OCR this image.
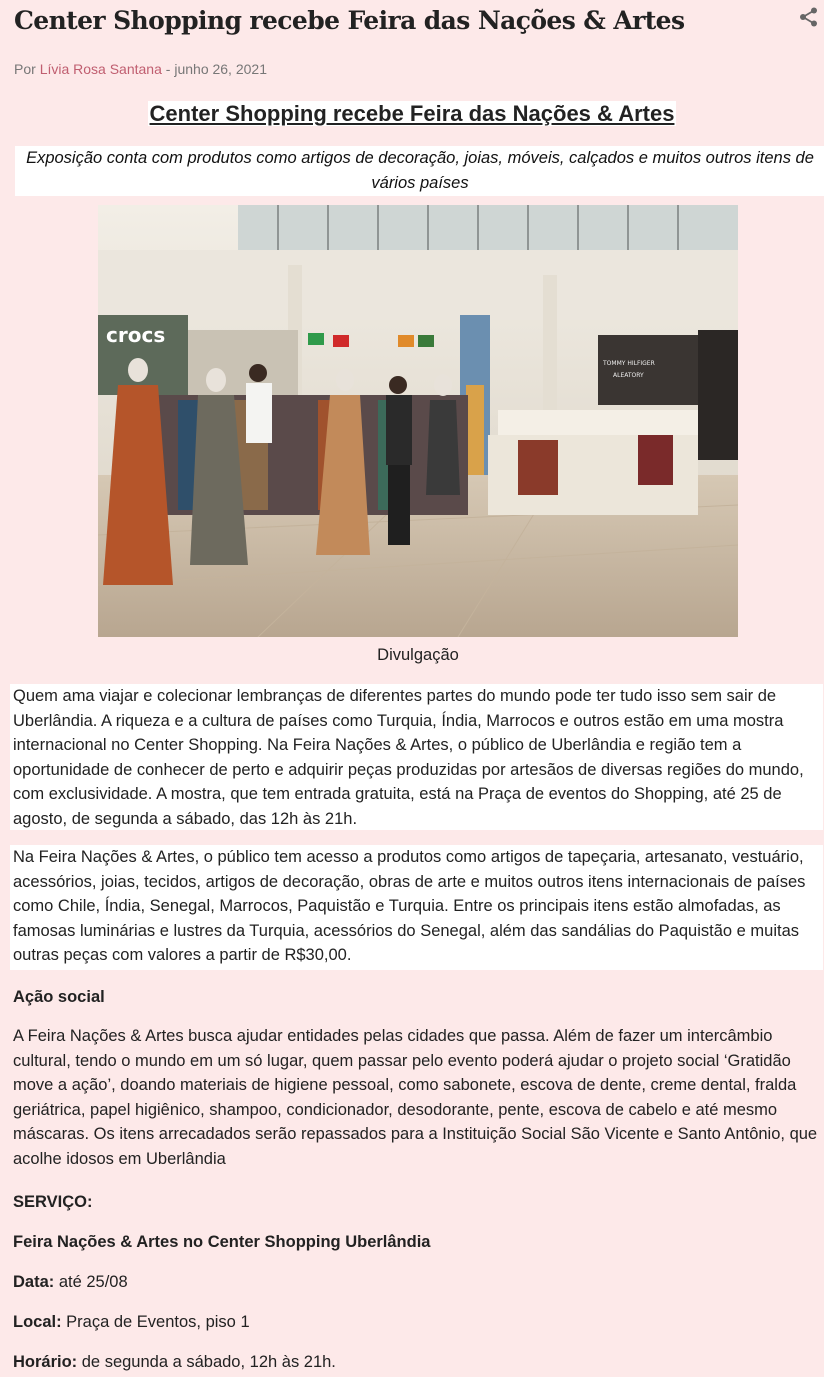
Center Shopping recebe Feira das Nações & Artes
Por Lívia Rosa Santana - junho 26, 2021
Center Shopping recebe Feira das Nações & Artes
Exposição conta com produtos como artigos de decoração, joias, móveis, calçados e muitos outros itens de vários países
crocs
TOMMY HILFIGER
ALEATORY
Divulgação

Quem ama viajar e colecionar lembranças de diferentes partes do mundo pode ter tudo isso sem sair de Uberlândia. A riqueza e a cultura de países como Turquia, Índia, Marrocos e outros estão em uma mostra internacional no Center Shopping. Na Feira Nações & Artes, o público de Uberlândia e região tem a oportunidade de conhecer de perto e adquirir peças produzidas por artesãos de diversas regiões do mundo, com exclusividade. A mostra, que tem entrada gratuita, está na Praça de eventos do Shopping, até 25 de agosto, de segunda a sábado, das 12h às 21h.

Na Feira Nações & Artes, o público tem acesso a produtos como artigos de tapeçaria, artesanato, vestuário, acessórios, joias, tecidos, artigos de decoração, obras de arte e muitos outros itens internacionais de países como Chile, Índia, Senegal, Marrocos, Paquistão e Turquia. Entre os principais itens estão almofadas, as famosas luminárias e lustres da Turquia, acessórios do Senegal, além das sandálias do Paquistão e muitas outras peças com valores a partir de R$30,00.

Ação social

A Feira Nações & Artes busca ajudar entidades pelas cidades que passa. Além de fazer um intercâmbio cultural, tendo o mundo em um só lugar, quem passar pelo evento poderá ajudar o projeto social ‘Gratidão move a ação’, doando materiais de higiene pessoal, como sabonete, escova de dente, creme dental, fralda geriátrica, papel higiênico, shampoo, condicionador, desodorante, pente, escova de cabelo e até mesmo máscaras. Os itens arrecadados serão repassados para a Instituição Social São Vicente e Santo Antônio, que acolhe idosos em Uberlândia

SERVIÇO:

Feira Nações & Artes no Center Shopping Uberlândia

Data: até 25/08

Local: Praça de Eventos, piso 1

Horário: de segunda a sábado, 12h às 21h.
